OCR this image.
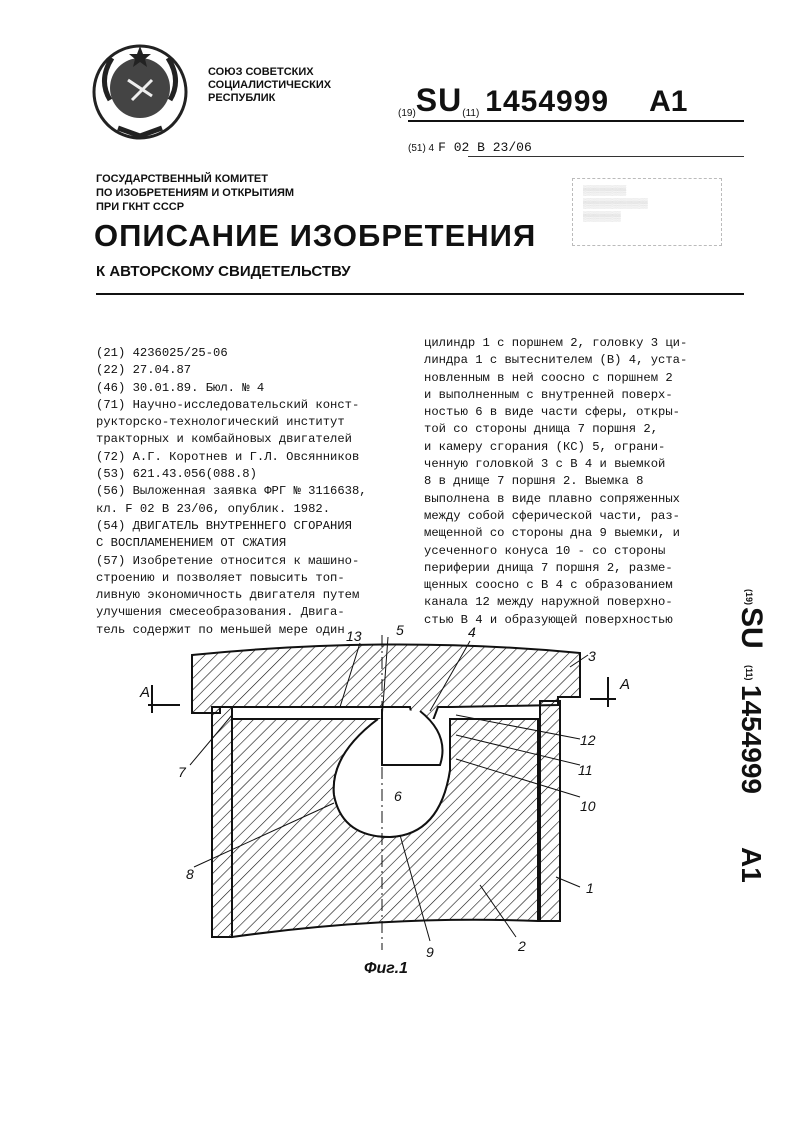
СОЮЗ СОВЕТСКИХ
СОЦИАЛИСТИЧЕСКИХ
РЕСПУБЛИК
(19)SU(11) 1454999 A1
(51) 4 F 02 B 23/06
▒▒▒▒▒▒▒▒
▒▒▒▒▒▒▒▒▒▒▒▒
▒▒▒▒▒▒▒
ГОСУДАРСТВЕННЫЙ КОМИТЕТ
ПО ИЗОБРЕТЕНИЯМ И ОТКРЫТИЯМ
ПРИ ГКНТ СССР
ОПИСАНИЕ ИЗОБРЕТЕНИЯ
К АВТОРСКОМУ СВИДЕТЕЛЬСТВУ
(21) 4236025/25-06
(22) 27.04.87
(46) 30.01.89. Бюл. № 4
(71) Научно-исследовательский конст-
рукторско-технологический институт
тракторных и комбайновых двигателей
(72) А.Г. Коротнев и Г.Л. Овсянников
(53) 621.43.056(088.8)
(56) Выложенная заявка ФРГ № 3116638,
кл. F 02 B 23/06, опублик. 1982.
(54) ДВИГАТЕЛЬ ВНУТРЕННЕГО СГОРАНИЯ
С ВОСПЛАМЕНЕНИЕМ ОТ СЖАТИЯ
(57) Изобретение относится к машино-
строению и позволяет повысить топ-
ливную экономичность двигателя путем
улучшения смесеобразования. Двига-
тель содержит по меньшей мере один
цилиндр 1 с поршнем 2, головку 3 ци-
линдра 1 с вытеснителем (В) 4, уста-
новленным в ней соосно с поршнем 2
и выполненным с внутренней поверх-
ностью 6 в виде части сферы, откры-
той со стороны днища 7 поршня 2,
и камеру сгорания (КС) 5, ограни-
ченную головкой 3 с В 4 и выемкой
8 в днище 7 поршня 2. Выемка 8
выполнена в виде плавно сопряженных
между собой сферической части, раз-
мещенной со стороны дна 9 выемки, и
усеченного конуса 10 - со стороны
периферии днища 7 поршня 2, разме-
щенных соосно с В 4 с образованием
канала 12 между наружной поверхно-
стью В 4 и образующей поверхностью
(19)
SU
(11)
1454999
A1
13 5	4
3
А	А
7
12
11
10
6
8
1
2
9
Фиг.1
